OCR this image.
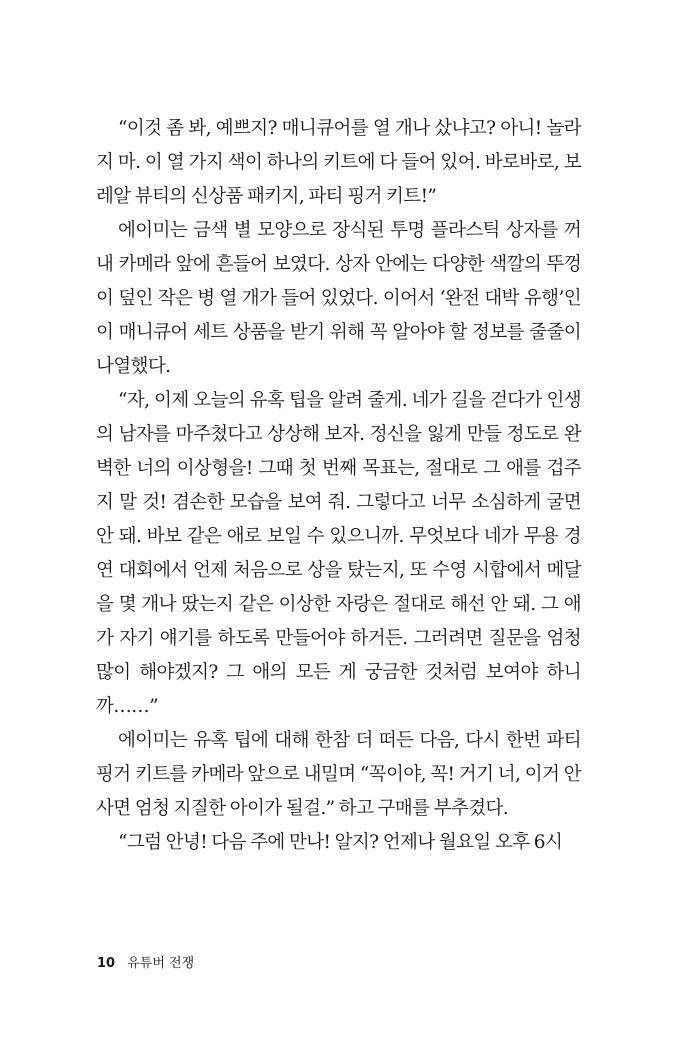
“이것 좀 봐, 예쁘지? 매니큐어를 열 개나 샀냐고? 아니! 놀라지 마. 이 열 가지 색이 하나의 키트에 다 들어 있어. 바로바로, 보레알 뷰티의 신상품 패키지, 파티 핑거 키트!”

에이미는 금색 별 모양으로 장식된 투명 플라스틱 상자를 꺼내 카메라 앞에 흔들어 보였다. 상자 안에는 다양한 색깔의 뚜껑이 덮인 작은 병 열 개가 들어 있었다. 이어서 ‘완전 대박 유행’인 이 매니큐어 세트 상품을 받기 위해 꼭 알아야 할 정보를 줄줄이 나열했다.

“자, 이제 오늘의 유혹 팁을 알려 줄게. 네가 길을 걷다가 인생의 남자를 마주쳤다고 상상해 보자. 정신을 잃게 만들 정도로 완벽한 너의 이상형을! 그때 첫 번째 목표는, 절대로 그 애를 겁주지 말 것! 겸손한 모습을 보여 줘. 그렇다고 너무 소심하게 굴면 안 돼. 바보 같은 애로 보일 수 있으니까. 무엇보다 네가 무용 경연 대회에서 언제 처음으로 상을 탔는지, 또 수영 시합에서 메달을 몇 개나 땄는지 같은 이상한 자랑은 절대로 해선 안 돼. 그 애가 자기 얘기를 하도록 만들어야 하거든. 그러려면 질문을 엄청 많이 해야겠지? 그 애의 모든 게 궁금한 것처럼 보여야 하니까……”

에이미는 유혹 팁에 대해 한참 더 떠든 다음, 다시 한번 파티 핑거 키트를 카메라 앞으로 내밀며 “꼭이야, 꼭! 거기 너, 이거 안 사면 엄청 지질한 아이가 될걸.” 하고 구매를 부추겼다.

“그럼 안녕! 다음 주에 만나! 알지? 언제나 월요일 오후 6시

10 유튜버 전쟁
